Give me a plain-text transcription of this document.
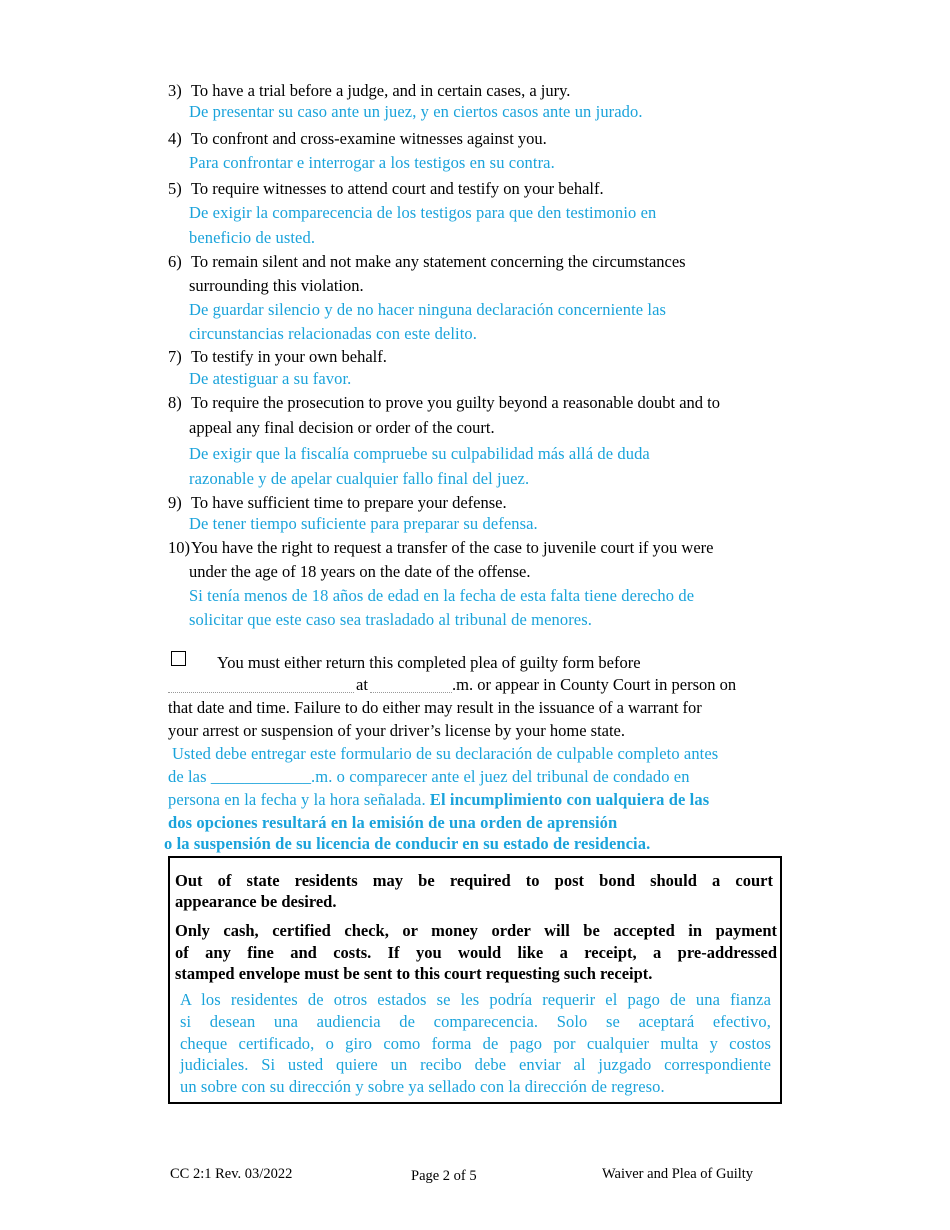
3) To have a trial before a judge, and in certain cases, a jury.
De presentar su caso ante un juez, y en ciertos casos ante un jurado.
4) To confront and cross-examine witnesses against you.
Para confrontar e interrogar a los testigos en su contra.
5) To require witnesses to attend court and testify on your behalf.
De exigir la comparecencia de los testigos para que den testimonio en
beneficio de usted.
6) To remain silent and not make any statement concerning the circumstances
surrounding this violation.
De guardar silencio y de no hacer ninguna declaración concerniente las
circunstancias relacionadas con este delito.
7) To testify in your own behalf.
De atestiguar a su favor.
8) To require the prosecution to prove you guilty beyond a reasonable doubt and to
appeal any final decision or order of the court.
De exigir que la fiscalía compruebe su culpabilidad más allá de duda
razonable y de apelar cualquier fallo final del juez.
9) To have sufficient time to prepare your defense.
De tener tiempo suficiente para preparar su defensa.
10) You have the right to request a transfer of the case to juvenile court if you were
under the age of 18 years on the date of the offense.
Si tenía menos de 18 años de edad en la fecha de esta falta tiene derecho de
solicitar que este caso sea trasladado al tribunal de menores.
You must either return this completed plea of guilty form before
at	.m. or appear in County Court in person on
that date and time. Failure to do either may result in the issuance of a warrant for
your arrest or suspension of your driver’s license by your home state.
Usted debe entregar este formulario de su declaración de culpable completo antes
de las ____________.m. o comparecer ante el juez del tribunal de condado en
persona en la fecha y la hora señalada. El incumplimiento con ualquiera de las
dos opciones resultará en la emisión de una orden de aprensión
o la suspensión de su licencia de conducir en su estado de residencia.
Out of state residents may be required to post bond should a court
appearance be desired.
Only cash, certified check, or money order will be accepted in payment
of any fine and costs. If you would like a receipt, a pre-addressed
stamped envelope must be sent to this court requesting such receipt.
A los residentes de otros estados se les podría requerir el pago de una fianza
si desean una audiencia de comparecencia. Solo se aceptará efectivo,
cheque certificado, o giro como forma de pago por cualquier multa y costos
judiciales. Si usted quiere un recibo debe enviar al juzgado correspondiente
un sobre con su dirección y sobre ya sellado con la dirección de regreso.
CC 2:1 Rev. 03/2022	Page 2 of 5	Waiver and Plea of Guilty
